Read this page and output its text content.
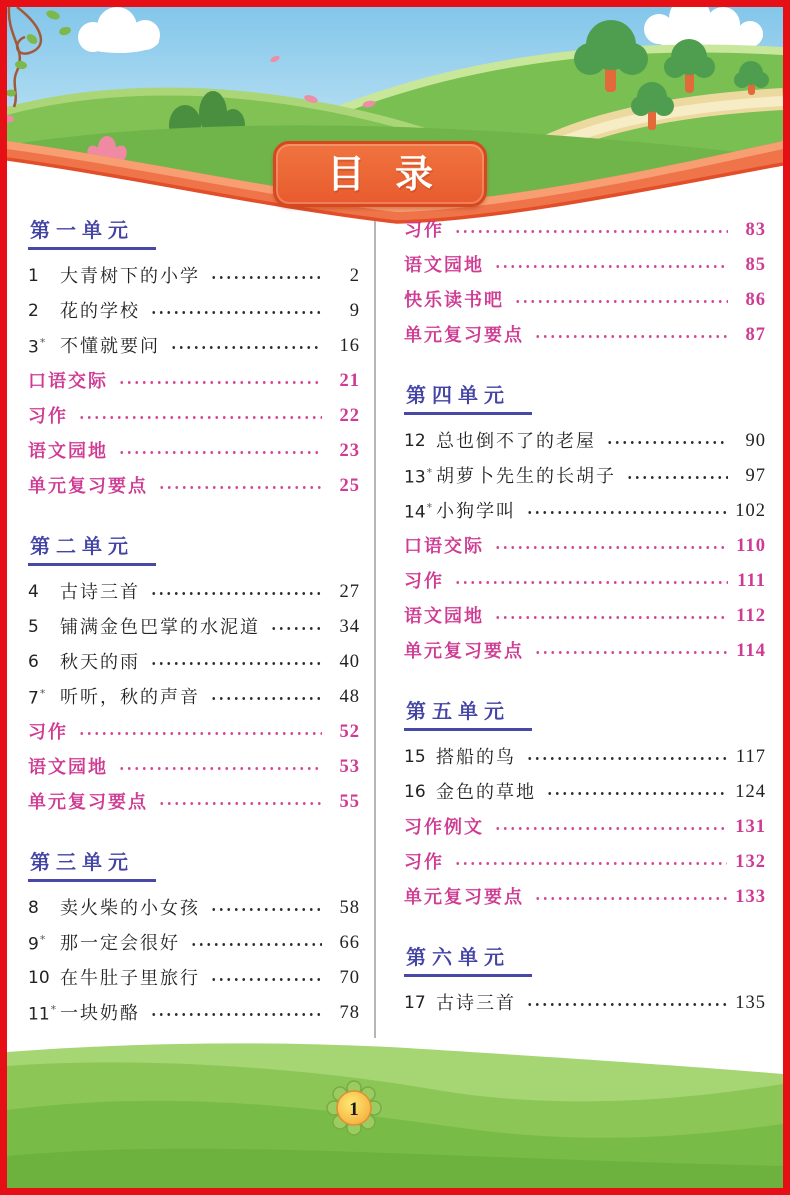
目录
第一单元
1	大青树下的小学	2
2	花的学校	9
3* 不懂就要问	16
口语交际	21
习作	22
语文园地	23
单元复习要点	25
第二单元
4	古诗三首	27
5	铺满金色巴掌的水泥道	34
6	秋天的雨	40
7* 听听，秋的声音	48
习作	52
语文园地	53
单元复习要点	55
第三单元
8	卖火柴的小女孩	58
9* 那一定会很好	66
10 在牛肚子里旅行	70
11* 一块奶酪	78
习作	83
语文园地	85
快乐读书吧	86
单元复习要点	87
第四单元
12 总也倒不了的老屋	90
13* 胡萝卜先生的长胡子	97
14* 小狗学叫	102
口语交际	110
习作	111
语文园地	112
单元复习要点	114
第五单元
15 搭船的鸟	117
16 金色的草地	124
习作例文	131
习作	132
单元复习要点	133
第六单元
17 古诗三首	135
1
